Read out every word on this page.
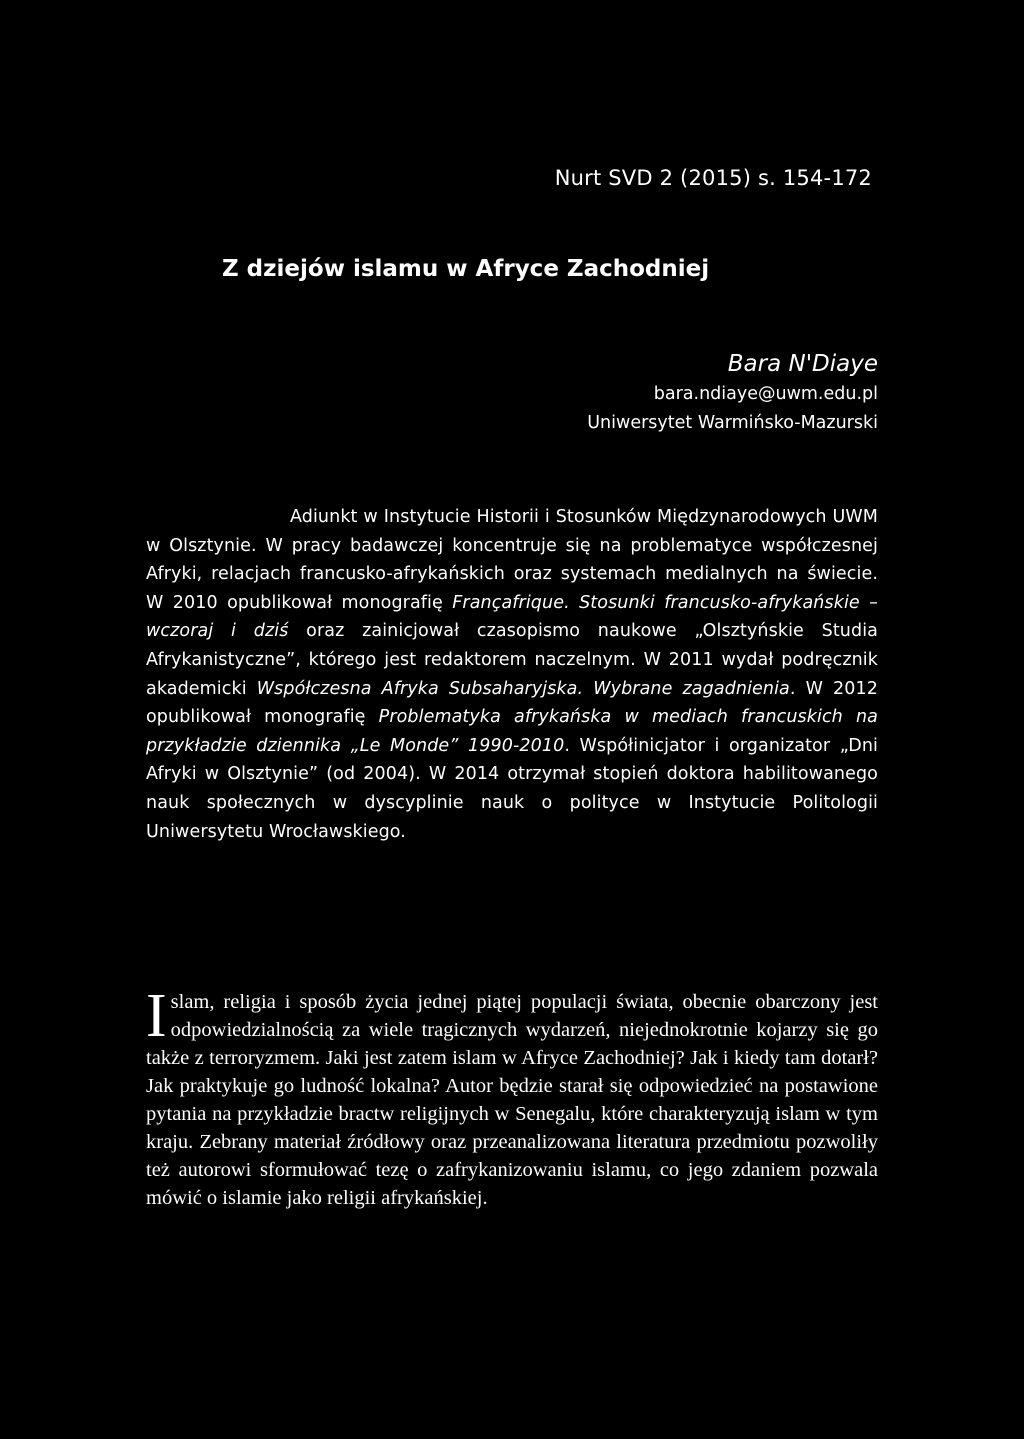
Nurt SVD 2 (2015) s. 154-172
Z dziejów islamu w Afryce Zachodniej
Bara N'Diaye
bara.ndiaye@uwm.edu.pl
Uniwersytet Warmińsko-Mazurski
Adiunkt w Instytucie Historii i Stosunków Międzynarodowych UWM w Olsztynie. W pracy badawczej koncentruje się na problematyce współczesnej Afryki, relacjach francusko-afrykańskich oraz systemach medialnych na świecie. W 2010 opublikował monografię Françafrique. Stosunki francusko-afrykańskie – wczoraj i dziś oraz zainicjował czasopismo naukowe „Olsztyńskie Studia Afrykanistyczne”, którego jest redaktorem naczelnym. W 2011 wydał podręcznik akademicki Współczesna Afryka Subsaharyjska. Wybrane zagadnienia. W 2012 opublikował monografię Problematyka afrykańska w mediach francuskich na przykładzie dziennika „Le Monde” 1990-2010. Współinicjator i organizator „Dni Afryki w Olsztynie” (od 2004). W 2014 otrzymał stopień doktora habilitowanego nauk społecznych w dyscyplinie nauk o polityce w Instytucie Politologii Uniwersytetu Wrocławskiego.
Islam, religia i sposób życia jednej piątej populacji świata, obecnie obarczony jest odpowiedzialnością za wiele tragicznych wydarzeń, niejednokrotnie kojarzy się go także z terroryzmem. Jaki jest zatem islam w Afryce Zachodniej? Jak i kiedy tam dotarł? Jak praktykuje go ludność lokalna? Autor będzie starał się odpowiedzieć na postawione pytania na przykładzie bractw religijnych w Senegalu, które charakteryzują islam w tym kraju. Zebrany materiał źródłowy oraz przeanalizowana literatura przedmiotu pozwoliły też autorowi sformułować tezę o zafrykanizowaniu islamu, co jego zdaniem pozwala mówić o islamie jako religii afrykańskiej.
